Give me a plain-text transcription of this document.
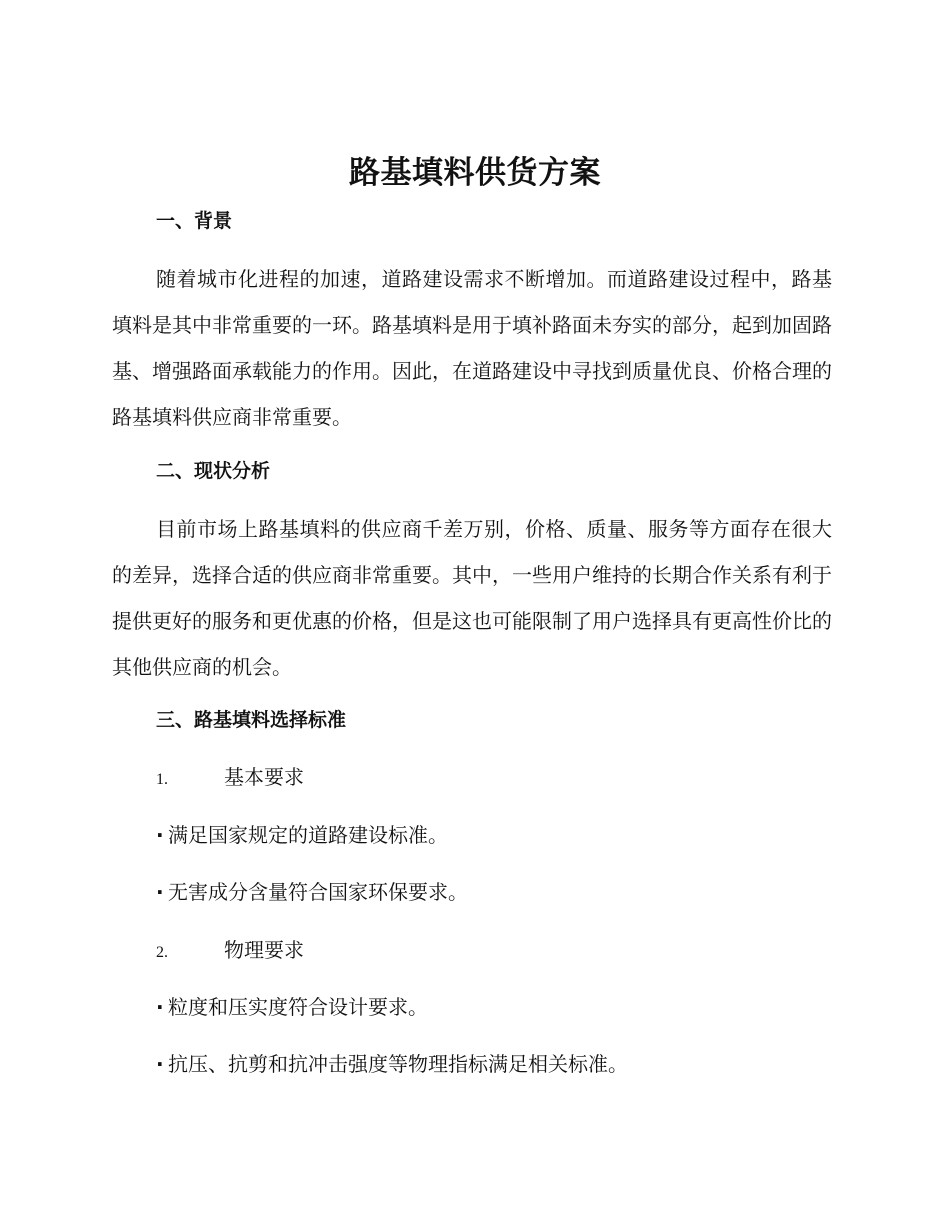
路基填料供货方案
一、背景
随着城市化进程的加速，道路建设需求不断增加。而道路建设过程中，路基填料是其中非常重要的一环。路基填料是用于填补路面未夯实的部分，起到加固路基、增强路面承载能力的作用。因此，在道路建设中寻找到质量优良、价格合理的路基填料供应商非常重要。
二、现状分析
目前市场上路基填料的供应商千差万别，价格、质量、服务等方面存在很大的差异，选择合适的供应商非常重要。其中，一些用户维持的长期合作关系有利于提供更好的服务和更优惠的价格，但是这也可能限制了用户选择具有更高性价比的其他供应商的机会。
三、路基填料选择标准
1.	基本要求
· 满足国家规定的道路建设标准。
· 无害成分含量符合国家环保要求。
2.	物理要求
· 粒度和压实度符合设计要求。
· 抗压、抗剪和抗冲击强度等物理指标满足相关标准。
